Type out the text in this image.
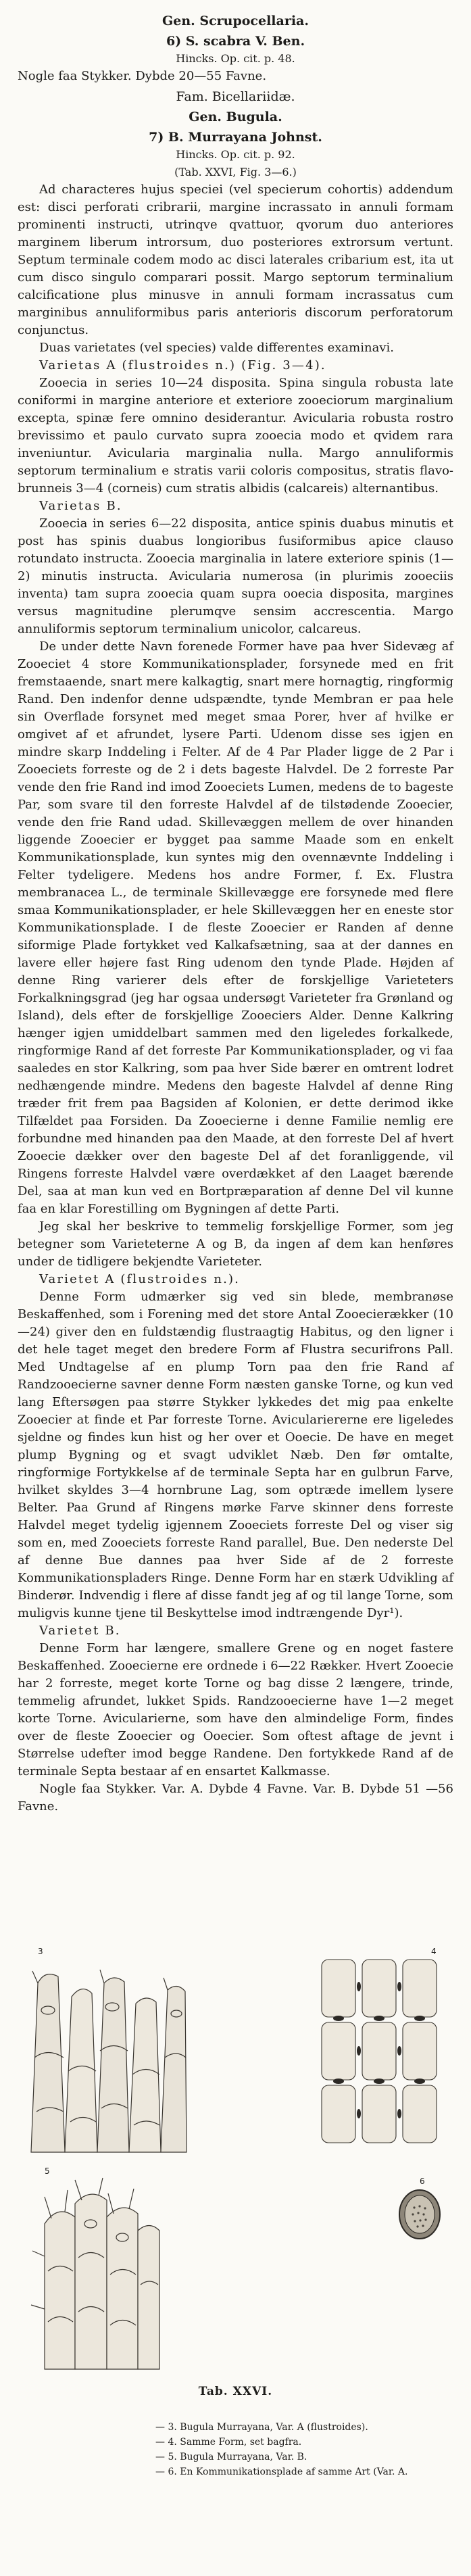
Gen. Scrupocellaria.
6) S. scabra V. Ben.
Hincks. Op. cit. p. 48.

Nogle faa Stykker. Dybde 20—55 Favne.

Fam. Bicellariidæ.
Gen. Bugula.
7) B. Murrayana Johnst.
Hincks. Op. cit. p. 92.
(Tab. XXVI, Fig. 3—6.)

Ad characteres hujus speciei (vel specierum cohortis) addendum est: disci perforati cribrarii, margine incrassato in annuli formam prominenti instructi, utrinqve qvattuor, qvorum duo anteriores marginem liberum introrsum, duo posteriores extrorsum vertunt. Septum terminale codem modo ac disci laterales cribarium est, ita ut cum disco singulo comparari possit. Margo septorum terminalium calcificatione plus minusve in annuli formam incrassatus cum marginibus annuliformibus paris anterioris discorum perforatorum conjunctus.

Duas varietates (vel species) valde differentes examinavi.

Varietas A (flustroides n.) (Fig. 3—4).

Zooecia in series 10—24 disposita. Spina singula robusta late coniformi in margine anteriore et exteriore zooeciorum marginalium excepta, spinæ fere omnino desiderantur. Avicularia robusta rostro brevissimo et paulo curvato supra zooecia modo et qvidem rara inveniuntur. Avicularia marginalia nulla. Margo annuliformis septorum terminalium e stratis varii coloris compositus, stratis flavo-brunneis 3—4 (corneis) cum stratis albidis (calcareis) alternantibus.

Varietas B.

Zooecia in series 6—22 disposita, antice spinis duabus minutis et post has spinis duabus longioribus fusiformibus apice clauso rotundato instructa. Zooecia marginalia in latere exteriore spinis (1—2) minutis instructa. Avicularia numerosa (in plurimis zooeciis inventa) tam supra zooecia quam supra ooecia disposita, margines versus magnitudine plerumqve sensim accrescentia. Margo annuliformis septorum terminalium unicolor, calcareus.

De under dette Navn forenede Former have paa hver Sidevæg af Zooeciet 4 store Kommunikationsplader, forsynede med en frit fremstaaende, snart mere kalkagtig, snart mere hornagtig, ringformig Rand. Den indenfor denne udspændte, tynde Membran er paa hele sin Overflade forsynet med meget smaa Porer, hver af hvilke er omgivet af et afrundet, lysere Parti. Udenom disse ses igjen en mindre skarp Inddeling i Felter. Af de 4 Par Plader ligge de 2 Par i Zooeciets forreste og de 2 i dets bageste Halvdel. De 2 forreste Par vende den frie Rand ind imod Zooeciets Lumen, medens de to bageste Par, som svare til den forreste Halvdel af de tilstødende Zooecier, vende den frie Rand udad. Skillevæggen mellem de over hinanden liggende Zooecier er bygget paa samme Maade som en enkelt Kommunikationsplade, kun syntes mig den ovennævnte Inddeling i Felter tydeligere. Medens hos andre Former, f. Ex. Flustra membranacea L., de terminale Skillevægge ere forsynede med flere smaa Kommunikationsplader, er hele Skillevæggen her en eneste stor Kommunikationsplade. I de fleste Zooecier er Randen af denne siformige Plade fortykket ved Kalkafsætning, saa at der dannes en lavere eller højere fast Ring udenom den tynde Plade. Højden af denne Ring varierer dels efter de forskjellige Varieteters Forkalkningsgrad (jeg har ogsaa undersøgt Varieteter fra Grønland og Island), dels efter de forskjellige Zooeciers Alder. Denne Kalkring hænger igjen umiddelbart sammen med den ligeledes forkalkede, ringformige Rand af det forreste Par Kommunikationsplader, og vi faa saaledes en stor Kalkring, som paa hver Side bærer en omtrent lodret nedhængende mindre. Medens den bageste Halvdel af denne Ring træder frit frem paa Bagsiden af Kolonien, er dette derimod ikke Tilfældet paa Forsiden. Da Zooecierne i denne Familie nemlig ere forbundne med hinanden paa den Maade, at den forreste Del af hvert Zooecie dækker over den bageste Del af det foranliggende, vil Ringens forreste Halvdel være overdækket af den Laaget bærende Del, saa at man kun ved en Bortpræparation af denne Del vil kunne faa en klar Forestilling om Bygningen af dette Parti.

Jeg skal her beskrive to temmelig forskjellige Former, som jeg betegner som Varieteterne A og B, da ingen af dem kan henføres under de tidligere bekjendte Varieteter.

Varietet A (flustroides n.).

Denne Form udmærker sig ved sin blede, membranøse Beskaffenhed, som i Forening med det store Antal Zooecierækker (10—24) giver den en fuldstændig flustraagtig Habitus, og den ligner i det hele taget meget den bredere Form af Flustra securifrons Pall. Med Undtagelse af en plump Torn paa den frie Rand af Randzooecierne savner denne Form næsten ganske Torne, og kun ved lang Eftersøgen paa større Stykker lykkedes det mig paa enkelte Zooecier at finde et Par forreste Torne. Aviculariererne ere ligeledes sjeldne og findes kun hist og her over et Ooecie. De have en meget plump Bygning og et svagt udviklet Næb. Den før omtalte, ringformige Fortykkelse af de terminale Septa har en gulbrun Farve, hvilket skyldes 3—4 hornbrune Lag, som optræde imellem lysere Belter. Paa Grund af Ringens mørke Farve skinner dens forreste Halvdel meget tydelig igjennem Zooeciets forreste Del og viser sig som en, med Zooeciets forreste Rand parallel, Bue. Den nederste Del af denne Bue dannes paa hver Side af de 2 forreste Kommunikationspladers Ringe. Denne Form har en stærk Udvikling af Binderør. Indvendig i flere af disse fandt jeg af og til lange Torne, som muligvis kunne tjene til Beskyttelse imod indtrængende Dyr¹).

Varietet B.

Denne Form har længere, smallere Grene og en noget fastere Beskaffenhed. Zooecierne ere ordnede i 6—22 Rækker. Hvert Zooecie har 2 forreste, meget korte Torne og bag disse 2 længere, trinde, temmelig afrundet, lukket Spids. Randzooecierne have 1—2 meget korte Torne. Avicularierne, som have den almindelige Form, findes over de fleste Zooecier og Ooecier. Som oftest aftage de jevnt i Størrelse udefter imod begge Randene. Den fortykkede Rand af de terminale Septa bestaar af en ensartet Kalkmasse.

Nogle faa Stykker. Var. A. Dybde 4 Favne. Var. B. Dybde 51 —56 Favne.

3	4
5
6
Tab. XXVI.
— 3. Bugula Murrayana, Var. A (flustroides).
— 4. Samme Form, set bagfra.
— 5. Bugula Murrayana, Var. B.
— 6. En Kommunikationsplade af samme Art (Var. A.
